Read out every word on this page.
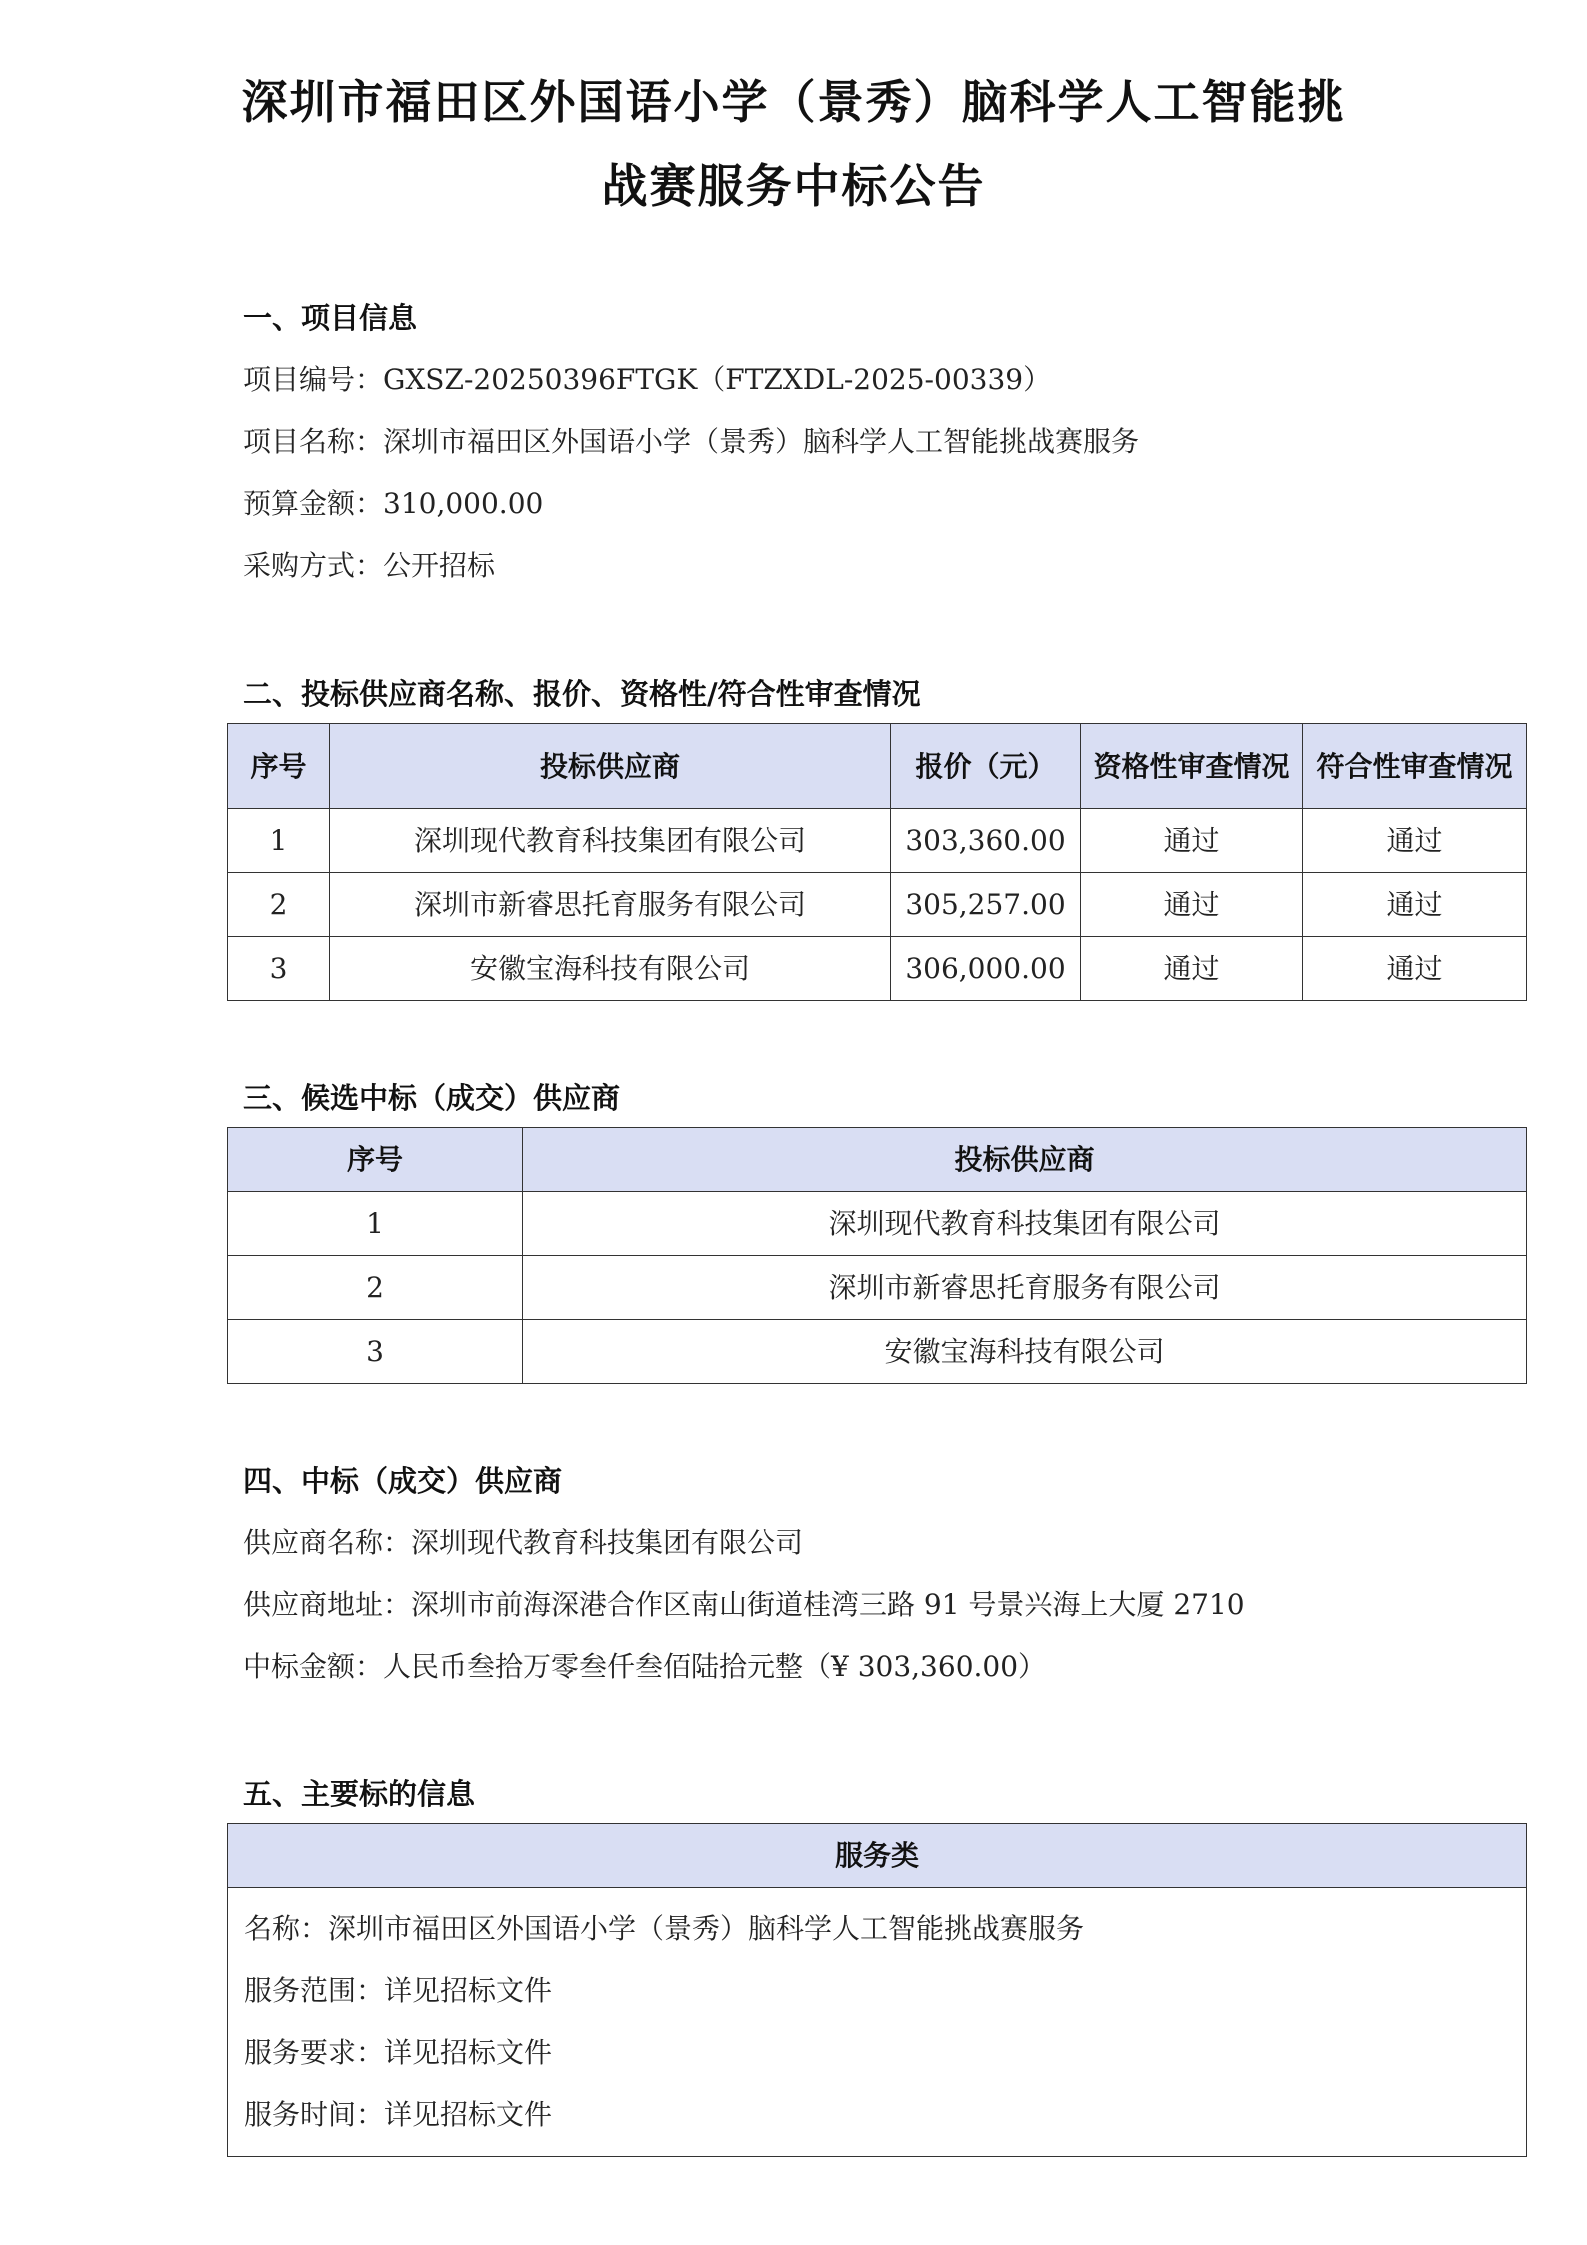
深圳市福田区外国语小学（景秀）脑科学人工智能挑
战赛服务中标公告
一、项目信息
项目编号：GXSZ-20250396FTGK（FTZXDL-2025-00339）
项目名称：深圳市福田区外国语小学（景秀）脑科学人工智能挑战赛服务
预算金额：310,000.00
采购方式：公开招标
二、投标供应商名称、报价、资格性/符合性审查情况
序号	投标供应商	报价（元）	资格性审查情况	符合性审查情况
1	深圳现代教育科技集团有限公司	303,360.00	通过	通过
2	深圳市新睿思托育服务有限公司	305,257.00	通过	通过
3	安徽宝海科技有限公司	306,000.00	通过	通过
三、候选中标（成交）供应商
序号	投标供应商
1	深圳现代教育科技集团有限公司
2	深圳市新睿思托育服务有限公司
3	安徽宝海科技有限公司
四、中标（成交）供应商
供应商名称：深圳现代教育科技集团有限公司
供应商地址：深圳市前海深港合作区南山街道桂湾三路 91 号景兴海上大厦 2710
中标金额：人民币叁拾万零叁仟叁佰陆拾元整（¥ 303,360.00）
五、主要标的信息
服务类

名称：深圳市福田区外国语小学（景秀）脑科学人工智能挑战赛服务
服务范围：详见招标文件
服务要求：详见招标文件
服务时间：详见招标文件
